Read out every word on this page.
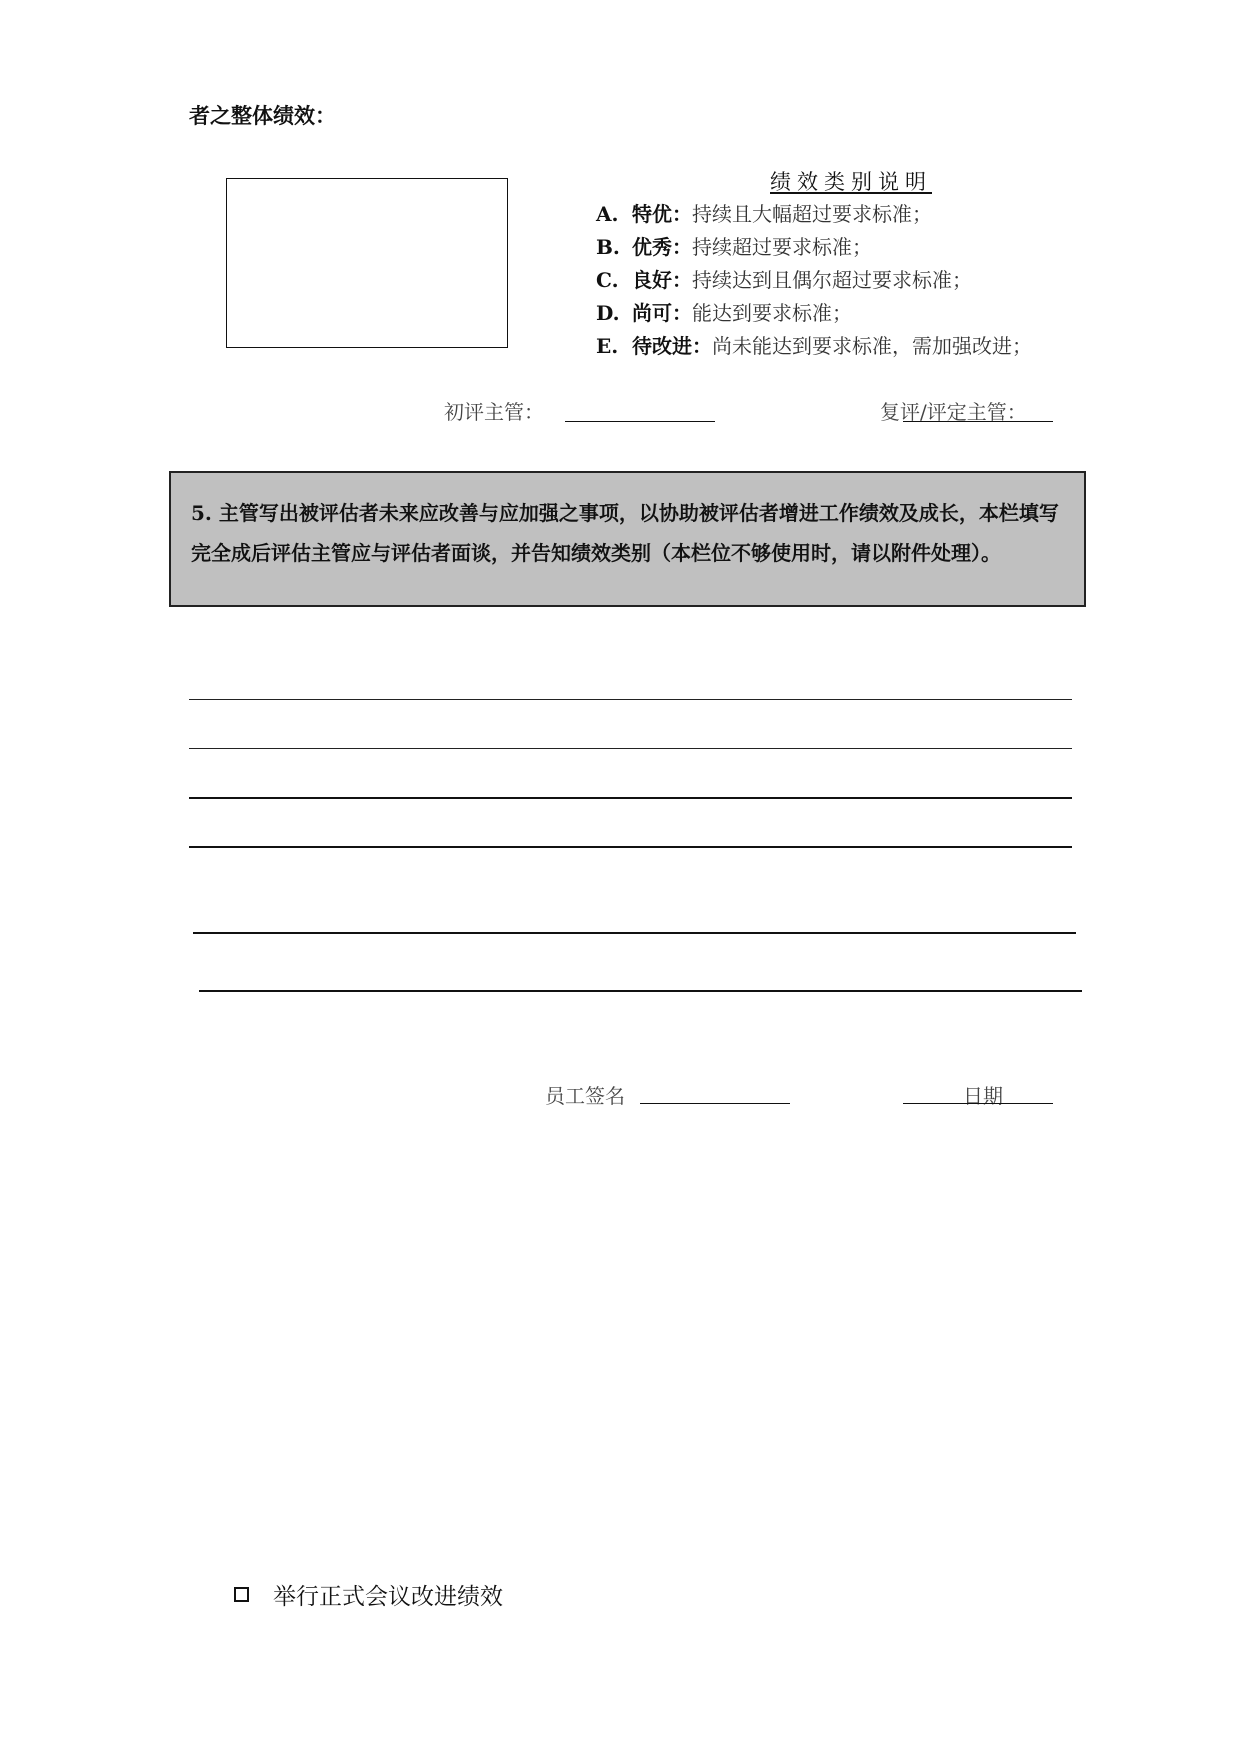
者之整体绩效：
绩效类别说明
A. 特优：持续且大幅超过要求标准；
B. 优秀：持续超过要求标准；
C. 良好：持续达到且偶尔超过要求标准；
D. 尚可：能达到要求标准；
E. 待改进：尚未能达到要求标准，需加强改进；
初评主管：	复评/评定主管：
5. 主管写出被评估者未来应改善与应加强之事项，以协助被评估者增进工作绩效及成长，本栏填写完全成后评估主管应与评估者面谈，并告知绩效类别（本栏位不够使用时，请以附件处理）。
员工签名	日期
举行正式会议改进绩效
